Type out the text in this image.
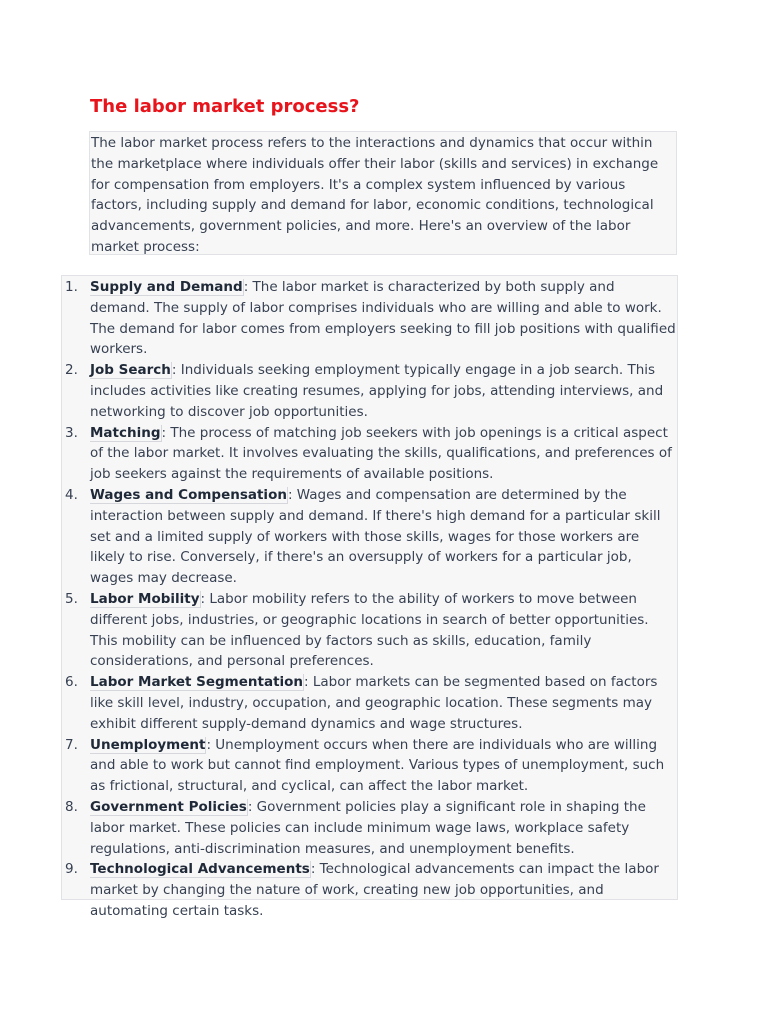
The labor market process?
The labor market process refers to the interactions and dynamics that occur within the marketplace where individuals offer their labor (skills and services) in exchange for compensation from employers. It's a complex system influenced by various factors, including supply and demand for labor, economic conditions, technological advancements, government policies, and more. Here's an overview of the labor market process:
1. Supply and Demand: The labor market is characterized by both supply and demand. The supply of labor comprises individuals who are willing and able to work. The demand for labor comes from employers seeking to fill job positions with qualified workers.
2. Job Search: Individuals seeking employment typically engage in a job search. This includes activities like creating resumes, applying for jobs, attending interviews, and networking to discover job opportunities.
3. Matching: The process of matching job seekers with job openings is a critical aspect of the labor market. It involves evaluating the skills, qualifications, and preferences of job seekers against the requirements of available positions.
4. Wages and Compensation: Wages and compensation are determined by the interaction between supply and demand. If there's high demand for a particular skill set and a limited supply of workers with those skills, wages for those workers are likely to rise. Conversely, if there's an oversupply of workers for a particular job, wages may decrease.
5. Labor Mobility: Labor mobility refers to the ability of workers to move between different jobs, industries, or geographic locations in search of better opportunities. This mobility can be influenced by factors such as skills, education, family considerations, and personal preferences.
6. Labor Market Segmentation: Labor markets can be segmented based on factors like skill level, industry, occupation, and geographic location. These segments may exhibit different supply-demand dynamics and wage structures.
7. Unemployment: Unemployment occurs when there are individuals who are willing and able to work but cannot find employment. Various types of unemployment, such as frictional, structural, and cyclical, can affect the labor market.
8. Government Policies: Government policies play a significant role in shaping the labor market. These policies can include minimum wage laws, workplace safety regulations, anti-discrimination measures, and unemployment benefits.
9. Technological Advancements: Technological advancements can impact the labor market by changing the nature of work, creating new job opportunities, and automating certain tasks.
